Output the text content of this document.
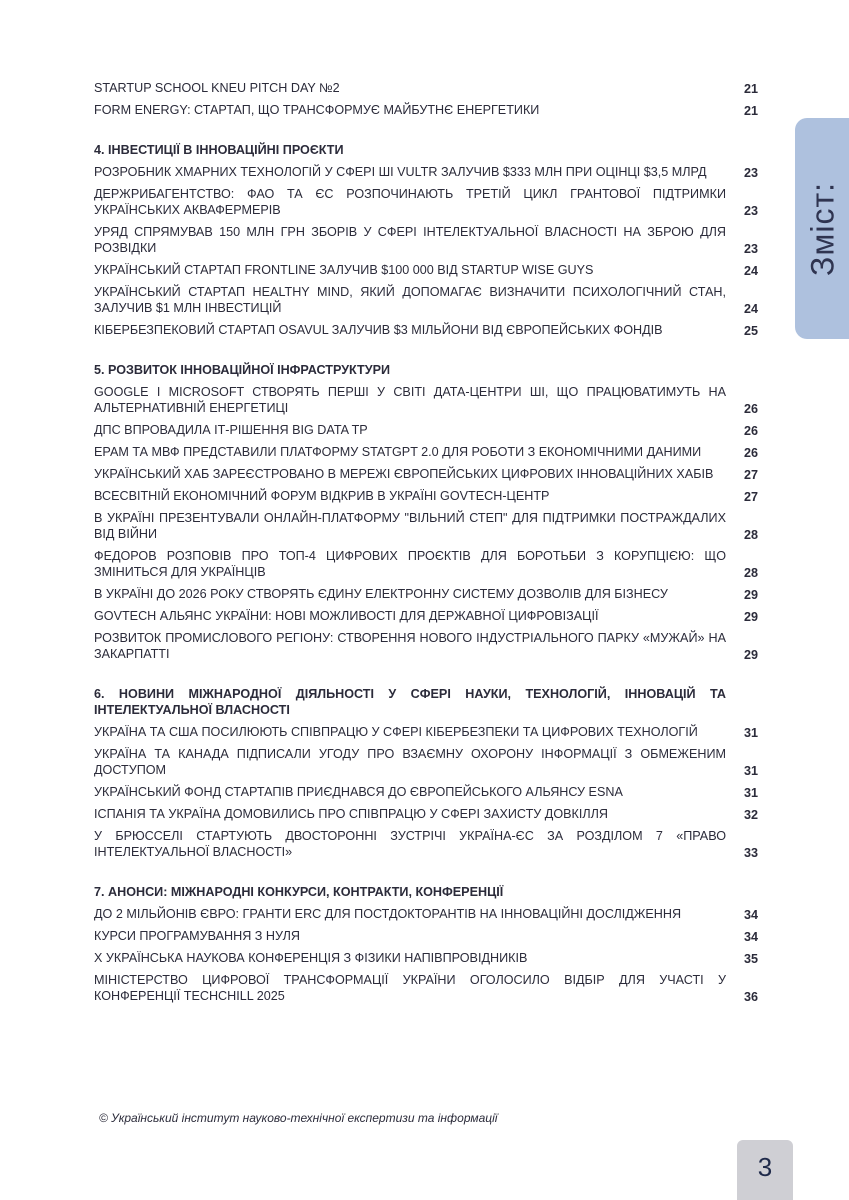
Зміст:
STARTUP SCHOOL KNEU PITCH DAY №2	21
FORM ENERGY: СТАРТАП, ЩО ТРАНСФОРМУЄ МАЙБУТНЄ ЕНЕРГЕТИКИ	21
4. ІНВЕСТИЦІЇ В ІННОВАЦІЙНІ ПРОЄКТИ
РОЗРОБНИК ХМАРНИХ ТЕХНОЛОГІЙ У СФЕРІ ШІ VULTR ЗАЛУЧИВ $333 МЛН ПРИ ОЦІНЦІ $3,5 МЛРД	23
ДЕРЖРИБАГЕНТСТВО: ФАО ТА ЄС РОЗПОЧИНАЮТЬ ТРЕТІЙ ЦИКЛ ГРАНТОВОЇ ПІДТРИМКИ УКРАЇНСЬКИХ АКВАФЕРМЕРІВ	23
УРЯД СПРЯМУВАВ 150 МЛН ГРН ЗБОРІВ У СФЕРІ ІНТЕЛЕКТУАЛЬНОЇ ВЛАСНОСТІ НА ЗБРОЮ ДЛЯ РОЗВІДКИ	23
УКРАЇНСЬКИЙ СТАРТАП FRONTLINE ЗАЛУЧИВ $100 000 ВІД STARTUP WISE GUYS	24
УКРАЇНСЬКИЙ СТАРТАП HEALTHY MIND, ЯКИЙ ДОПОМАГАЄ ВИЗНАЧИТИ ПСИХОЛОГІЧНИЙ СТАН, ЗАЛУЧИВ $1 МЛН ІНВЕСТИЦІЙ	24
КІБЕРБЕЗПЕКОВИЙ СТАРТАП OSAVUL ЗАЛУЧИВ $3 МІЛЬЙОНИ ВІД ЄВРОПЕЙСЬКИХ ФОНДІВ	25
5. РОЗВИТОК ІННОВАЦІЙНОЇ ІНФРАСТРУКТУРИ
GOOGLE І MICROSOFT СТВОРЯТЬ ПЕРШІ У СВІТІ ДАТА-ЦЕНТРИ ШІ, ЩО ПРАЦЮВАТИМУТЬ НА АЛЬТЕРНАТИВНІЙ ЕНЕРГЕТИЦІ	26
ДПС ВПРОВАДИЛА ІТ-РІШЕННЯ BIG DATA TP	26
ЕРАМ ТА МВФ ПРЕДСТАВИЛИ ПЛАТФОРМУ STATGPT 2.0 ДЛЯ РОБОТИ З ЕКОНОМІЧНИМИ ДАНИМИ	26
УКРАЇНСЬКИЙ ХАБ ЗАРЕЄСТРОВАНО В МЕРЕЖІ ЄВРОПЕЙСЬКИХ ЦИФРОВИХ ІННОВАЦІЙНИХ ХАБІВ	27
ВСЕСВІТНІЙ ЕКОНОМІЧНИЙ ФОРУМ ВІДКРИВ В УКРАЇНІ GOVTECH-ЦЕНТР	27
В УКРАЇНІ ПРЕЗЕНТУВАЛИ ОНЛАЙН-ПЛАТФОРМУ "ВІЛЬНИЙ СТЕП" ДЛЯ ПІДТРИМКИ ПОСТРАЖДАЛИХ ВІД ВІЙНИ	28
ФЕДОРОВ РОЗПОВІВ ПРО ТОП-4 ЦИФРОВИХ ПРОЄКТІВ ДЛЯ БОРОТЬБИ З КОРУПЦІЄЮ: ЩО ЗМІНИТЬСЯ ДЛЯ УКРАЇНЦІВ	28
В УКРАЇНІ ДО 2026 РОКУ СТВОРЯТЬ ЄДИНУ ЕЛЕКТРОННУ СИСТЕМУ ДОЗВОЛІВ ДЛЯ БІЗНЕСУ	29
GOVTECH АЛЬЯНС УКРАЇНИ: НОВІ МОЖЛИВОСТІ ДЛЯ ДЕРЖАВНОЇ ЦИФРОВІЗАЦІЇ	29
РОЗВИТОК ПРОМИСЛОВОГО РЕГІОНУ: СТВОРЕННЯ НОВОГО ІНДУСТРІАЛЬНОГО ПАРКУ «МУЖАЙ» НА ЗАКАРПАТТІ	29
6. НОВИНИ МІЖНАРОДНОЇ ДІЯЛЬНОСТІ У СФЕРІ НАУКИ, ТЕХНОЛОГІЙ, ІННОВАЦІЙ ТА ІНТЕЛЕКТУАЛЬНОЇ ВЛАСНОСТІ
УКРАЇНА ТА США ПОСИЛЮЮТЬ СПІВПРАЦЮ У СФЕРІ КІБЕРБЕЗПЕКИ ТА ЦИФРОВИХ ТЕХНОЛОГІЙ	31
УКРАЇНА ТА КАНАДА ПІДПИСАЛИ УГОДУ ПРО ВЗАЄМНУ ОХОРОНУ ІНФОРМАЦІЇ З ОБМЕЖЕНИМ ДОСТУПОМ	31
УКРАЇНСЬКИЙ ФОНД СТАРТАПІВ ПРИЄДНАВСЯ ДО ЄВРОПЕЙСЬКОГО АЛЬЯНСУ ESNA	31
ІСПАНІЯ ТА УКРАЇНА ДОМОВИЛИСЬ ПРО СПІВПРАЦЮ У СФЕРІ ЗАХИСТУ ДОВКІЛЛЯ	32
У БРЮССЕЛІ СТАРТУЮТЬ ДВОСТОРОННІ ЗУСТРІЧІ УКРАЇНА-ЄС ЗА РОЗДІЛОМ 7 «ПРАВО ІНТЕЛЕКТУАЛЬНОЇ ВЛАСНОСТІ»	33
7. АНОНСИ: МІЖНАРОДНІ КОНКУРСИ, КОНТРАКТИ, КОНФЕРЕНЦІЇ
ДО 2 МІЛЬЙОНІВ ЄВРО: ГРАНТИ ERC ДЛЯ ПОСТДОКТОРАНТІВ НА ІННОВАЦІЙНІ ДОСЛІДЖЕННЯ	34
КУРСИ ПРОГРАМУВАННЯ З НУЛЯ	34
X УКРАЇНСЬКА НАУКОВА КОНФЕРЕНЦІЯ З ФІЗИКИ НАПІВПРОВІДНИКІВ	35
МІНІСТЕРСТВО ЦИФРОВОЇ ТРАНСФОРМАЦІЇ УКРАЇНИ ОГОЛОСИЛО ВІДБІР ДЛЯ УЧАСТІ У КОНФЕРЕНЦІЇ TECHCHILL 2025	36
© Український інститут науково-технічної експертизи та інформації
3
